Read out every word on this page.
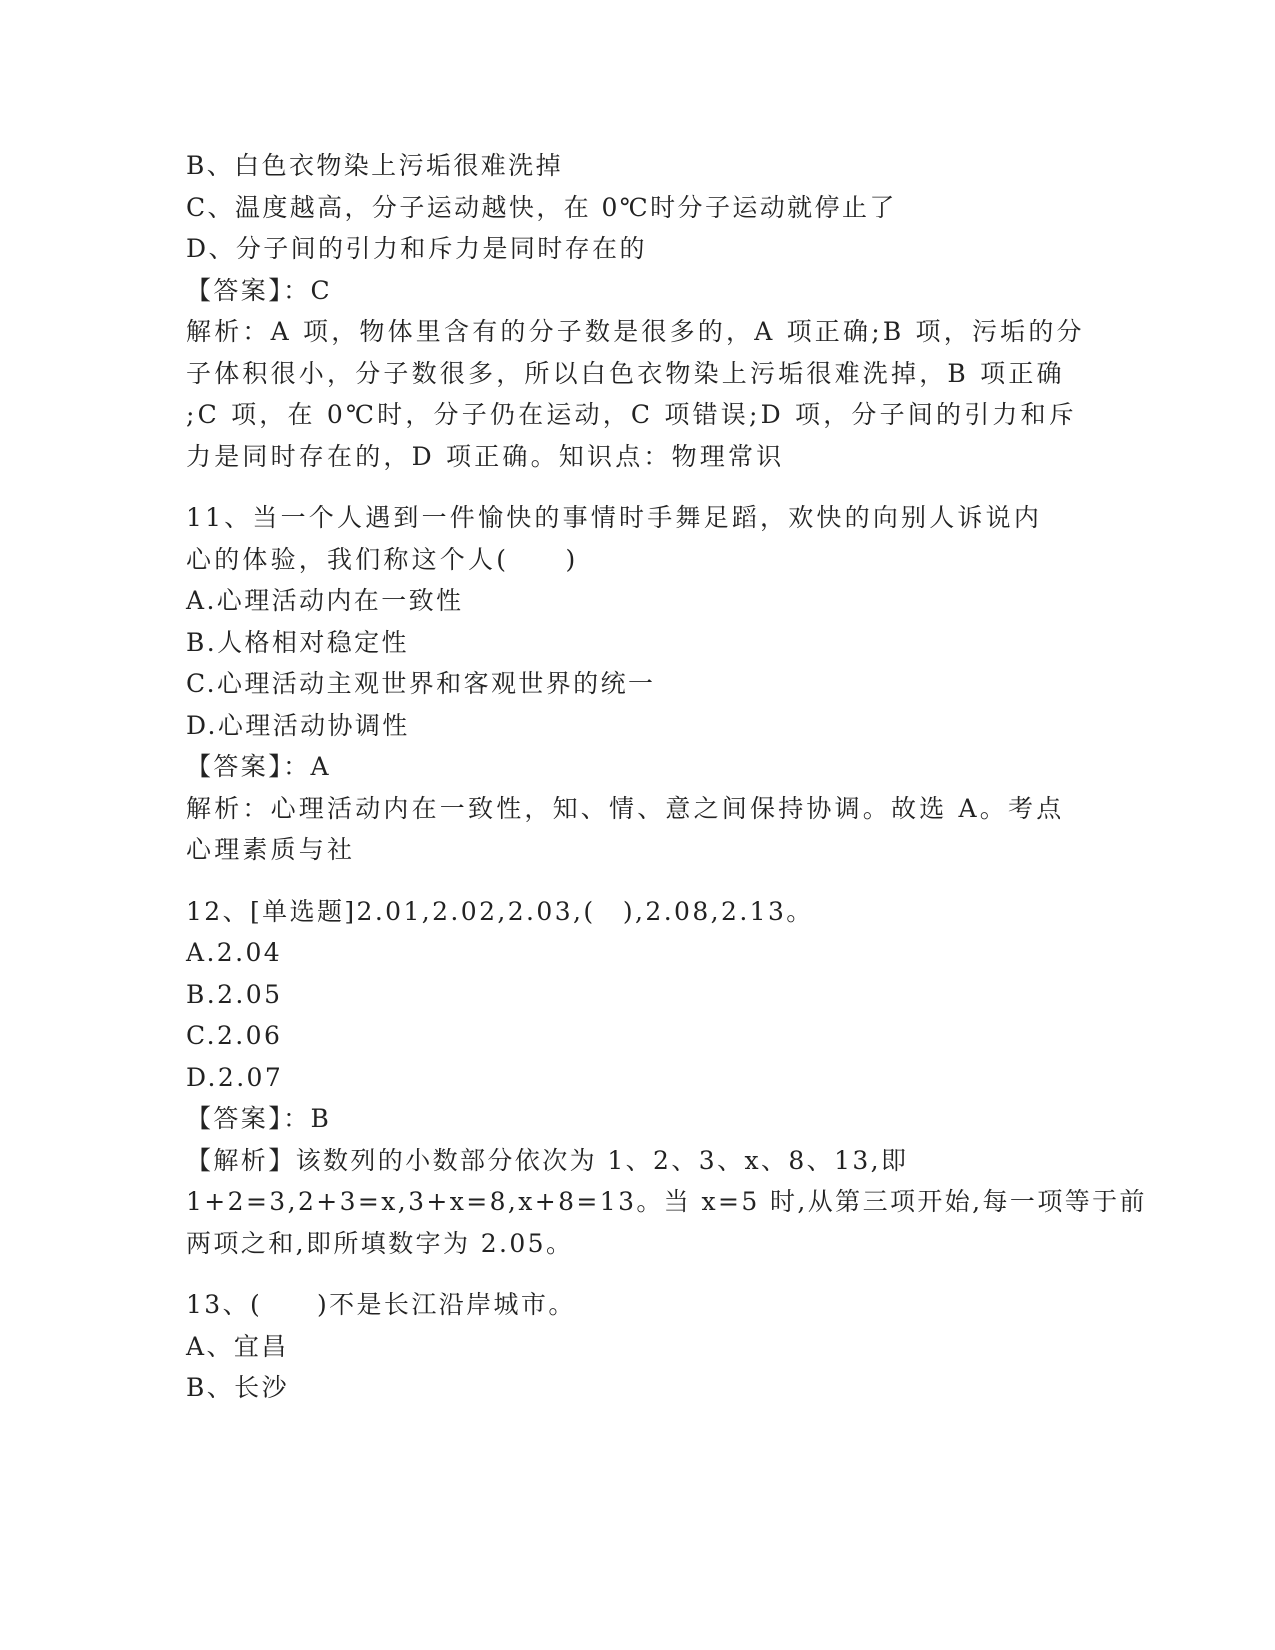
B、白色衣物染上污垢很难洗掉
C、温度越高，分子运动越快，在 0℃时分子运动就停止了
D、分子间的引力和斥力是同时存在的
【答案】：C
解析：A 项，物体里含有的分子数是很多的，A 项正确;B 项，污垢的分
子体积很小，分子数很多，所以白色衣物染上污垢很难洗掉，B 项正确
;C 项，在 0℃时，分子仍在运动，C 项错误;D 项，分子间的引力和斥
力是同时存在的，D 项正确。知识点：物理常识
11、当一个人遇到一件愉快的事情时手舞足蹈，欢快的向别人诉说内
心的体验，我们称这个人(　　)
A.心理活动内在一致性
B.人格相对稳定性
C.心理活动主观世界和客观世界的统一
D.心理活动协调性
【答案】：A
解析：心理活动内在一致性，知、情、意之间保持协调。故选 A。考点
心理素质与社
12、[单选题]2.01,2.02,2.03,(　),2.08,2.13。
A.2.04
B.2.05
C.2.06
D.2.07
【答案】：B
【解析】该数列的小数部分依次为 1、2、3、x、8、13,即
1+2=3,2+3=x,3+x=8,x+8=13。当 x=5 时,从第三项开始,每一项等于前
两项之和,即所填数字为 2.05。
13、(　　)不是长江沿岸城市。
A、宜昌
B、长沙
